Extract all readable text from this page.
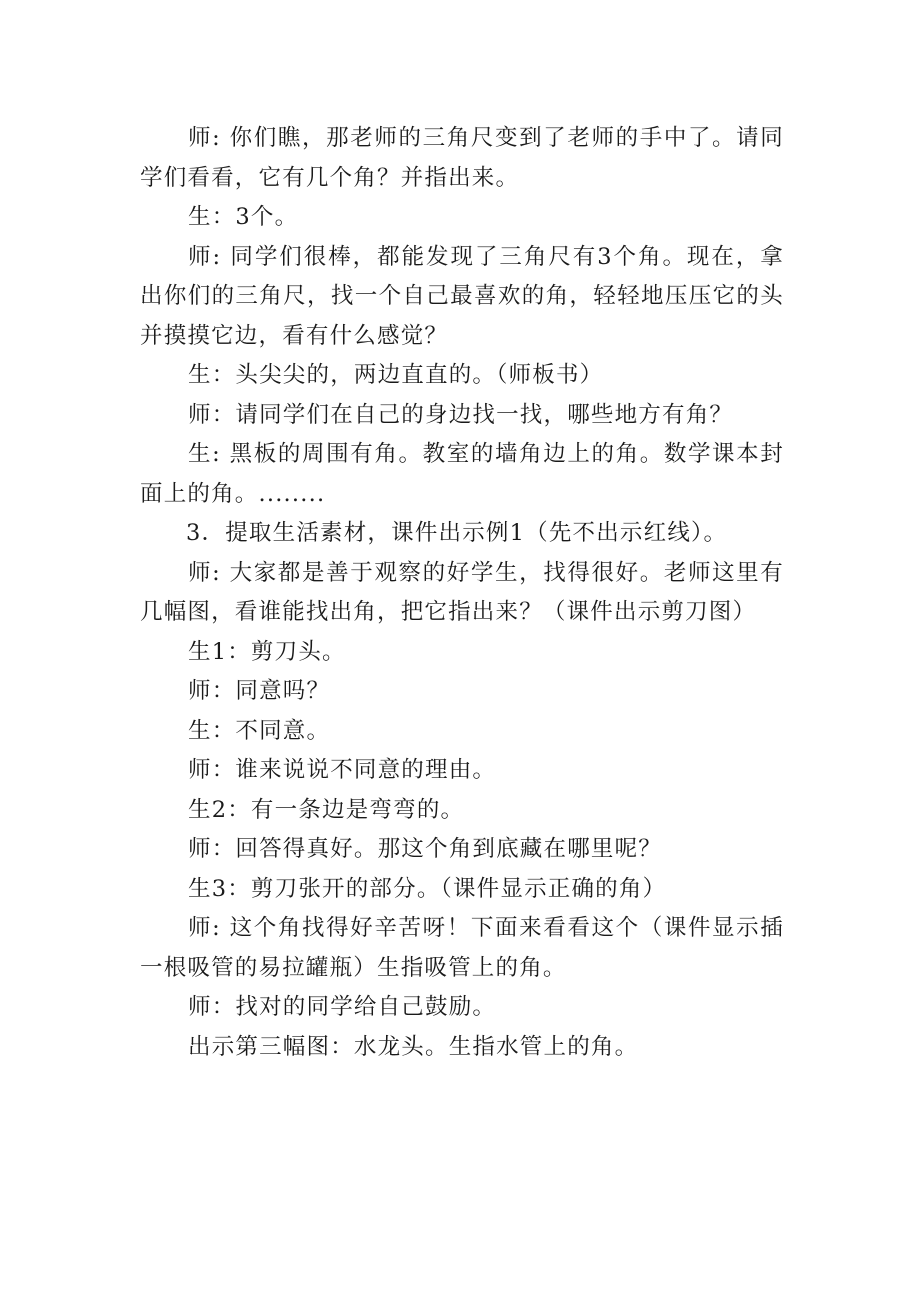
师: 你们瞧，那老师的三角尺变到了老师的手中了。请同学们看看，它有几个角？并指出来。

生：3个。

师: 同学们很棒，都能发现了三角尺有3个角。现在，拿出你们的三角尺，找一个自己最喜欢的角，轻轻地压压它的头并摸摸它边，看有什么感觉？

生：头尖尖的，两边直直的。（师板书）

师：请同学们在自己的身边找一找，哪些地方有角？

生: 黑板的周围有角。教室的墙角边上的角。数学课本封面上的角。........

3．提取生活素材，课件出示例1（先不出示红线）。

师: 大家都是善于观察的好学生，找得很好。老师这里有几幅图，看谁能找出角，把它指出来？（课件出示剪刀图）

生1：剪刀头。

师：同意吗？

生：不同意。

师：谁来说说不同意的理由。

生2：有一条边是弯弯的。

师：回答得真好。那这个角到底藏在哪里呢？

生3：剪刀张开的部分。（课件显示正确的角）

师: 这个角找得好辛苦呀！下面来看看这个（课件显示插一根吸管的易拉罐瓶）生指吸管上的角。

师：找对的同学给自己鼓励。

出示第三幅图：水龙头。生指水管上的角。
